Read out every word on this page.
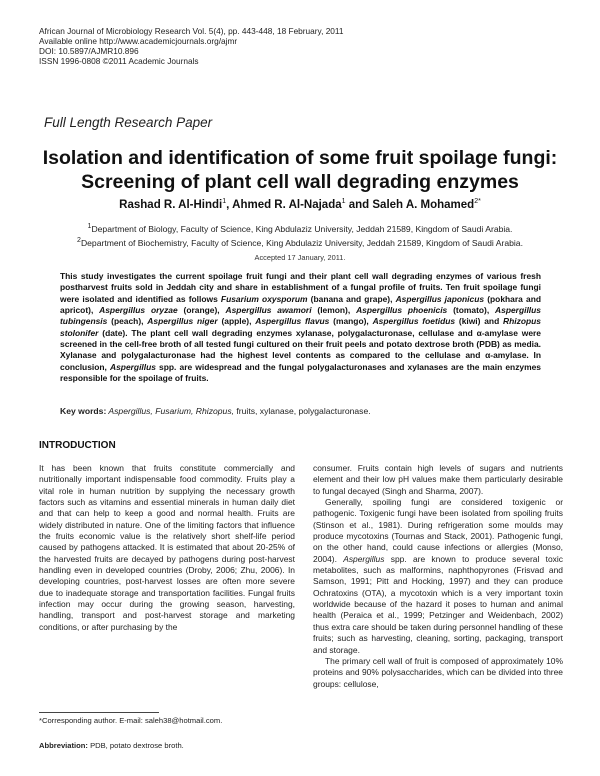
African Journal of Microbiology Research Vol. 5(4), pp. 443-448, 18 February, 2011
Available online http://www.academicjournals.org/ajmr
DOI: 10.5897/AJMR10.896
ISSN 1996-0808 ©2011 Academic Journals
Full Length Research Paper
Isolation and identification of some fruit spoilage fungi: Screening of plant cell wall degrading enzymes
Rashad R. Al-Hindi$^1$, Ahmed R. Al-Najada$^1$ and Saleh A. Mohamed$^{2*}$
$^1$Department of Biology, Faculty of Science, King Abdulaziz University, Jeddah 21589, Kingdom of Saudi Arabia.
$^2$Department of Biochemistry, Faculty of Science, King Abdulaziz University, Jeddah 21589, Kingdom of Saudi Arabia.
Accepted 17 January, 2011.
This study investigates the current spoilage fruit fungi and their plant cell wall degrading enzymes of various fresh postharvest fruits sold in Jeddah city and share in establishment of a fungal profile of fruits. Ten fruit spoilage fungi were isolated and identified as follows Fusarium oxysporum (banana and grape), Aspergillus japonicus (pokhara and apricot), Aspergillus oryzae (orange), Aspergillus awamori (lemon), Aspergillus phoenicis (tomato), Aspergillus tubingensis (peach), Aspergillus niger (apple), Aspergillus flavus (mango), Aspergillus foetidus (kiwi) and Rhizopus stolonifer (date). The plant cell wall degrading enzymes xylanase, polygalacturonase, cellulase and α-amylase were screened in the cell-free broth of all tested fungi cultured on their fruit peels and potato dextrose broth (PDB) as media. Xylanase and polygalacturonase had the highest level contents as compared to the cellulase and α-amylase. In conclusion, Aspergillus spp. are widespread and the fungal polygalacturonases and xylanases are the main enzymes responsible for the spoilage of fruits.
Key words: Aspergillus, Fusarium, Rhizopus, fruits, xylanase, polygalacturonase.
INTRODUCTION

It has been known that fruits constitute commercially and nutritionally important indispensable food commodity. Fruits play a vital role in human nutrition by supplying the necessary growth factors such as vitamins and essential minerals in human daily diet and that can help to keep a good and normal health. Fruits are widely distributed in nature. One of the limiting factors that influence the fruits economic value is the relatively short shelf-life period caused by pathogens attacked. It is estimated that about 20-25% of the harvested fruits are decayed by pathogens during post-harvest handling even in developed countries (Droby, 2006; Zhu, 2006). In developing countries, post-harvest losses are often more severe due to inadequate storage and transportation facilities. Fungal fruits infection may occur during the growing season, harvesting, handling, transport and post-harvest storage and marketing conditions, or after purchasing by the

consumer. Fruits contain high levels of sugars and nutrients element and their low pH values make them particularly desirable to fungal decayed (Singh and Sharma, 2007).

Generally, spoiling fungi are considered toxigenic or pathogenic. Toxigenic fungi have been isolated from spoiling fruits (Stinson et al., 1981). During refrigeration some moulds may produce mycotoxins (Tournas and Stack, 2001). Pathogenic fungi, on the other hand, could cause infections or allergies (Monso, 2004). Aspergillus spp. are known to produce several toxic metabolites, such as malformins, naphthopyrones (Frisvad and Samson, 1991; Pitt and Hocking, 1997) and they can produce Ochratoxins (OTA), a mycotoxin which is a very important toxin worldwide because of the hazard it poses to human and animal health (Peraica et al., 1999; Petzinger and Weidenbach, 2002) thus extra care should be taken during personnel handling of these fruits; such as harvesting, cleaning, sorting, packaging, transport and storage.

The primary cell wall of fruit is composed of approximately 10% proteins and 90% polysaccharides, which can be divided into three groups: cellulose,

*Corresponding author. E-mail: saleh38@hotmail.com.
Abbreviation: PDB, potato dextrose broth.
